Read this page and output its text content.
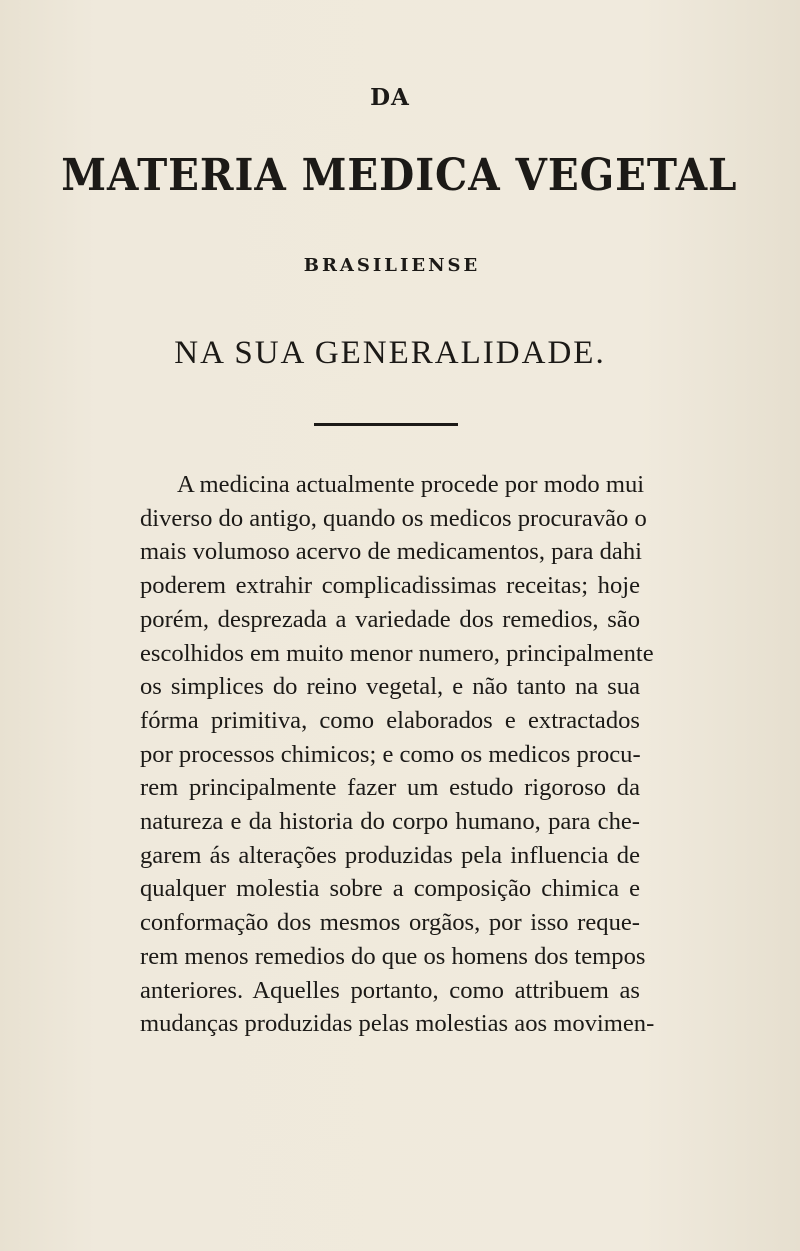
DA
MATERIA MEDICA VEGETAL
BRASILIENSE
NA SUA GENERALIDADE.
A medicina actualmente procede por modo mui
diverso do antigo, quando os medicos procuravão o
mais volumoso acervo de medicamentos, para dahi
poderem extrahir complicadissimas receitas; hoje
porém, desprezada a variedade dos remedios, são
escolhidos em muito menor numero, principalmente
os simplices do reino vegetal, e não tanto na sua
fórma primitiva, como elaborados e extractados
por processos chimicos; e como os medicos procu-
rem principalmente fazer um estudo rigoroso da
natureza e da historia do corpo humano, para che-
garem ás alterações produzidas pela influencia de
qualquer molestia sobre a composição chimica e
conformação dos mesmos orgãos, por isso reque-
rem menos remedios do que os homens dos tempos
anteriores. Aquelles portanto, como attribuem as
mudanças produzidas pelas molestias aos movimen-
